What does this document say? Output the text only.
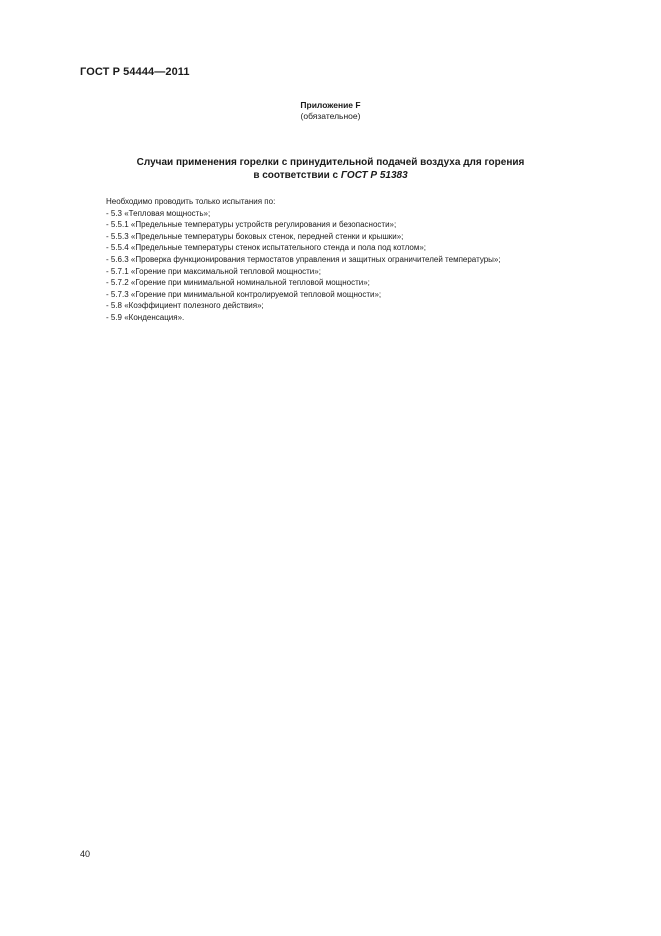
ГОСТ Р 54444—2011
Приложение F
(обязательное)
Случаи применения горелки с принудительной подачей воздуха для горения
в соответствии с ГОСТ Р 51383
Необходимо проводить только испытания по:
- 5.3 «Тепловая мощность»;
- 5.5.1 «Предельные температуры устройств регулирования и безопасности»;
- 5.5.3 «Предельные температуры боковых стенок, передней стенки и крышки»;
- 5.5.4 «Предельные температуры стенок испытательного стенда и пола под котлом»;
- 5.6.3 «Проверка функционирования термостатов управления и защитных ограничителей температуры»;
- 5.7.1 «Горение при максимальной тепловой мощности»;
- 5.7.2 «Горение при минимальной номинальной тепловой мощности»;
- 5.7.3 «Горение при минимальной контролируемой тепловой мощности»;
- 5.8 «Коэффициент полезного действия»;
- 5.9 «Конденсация».
40
